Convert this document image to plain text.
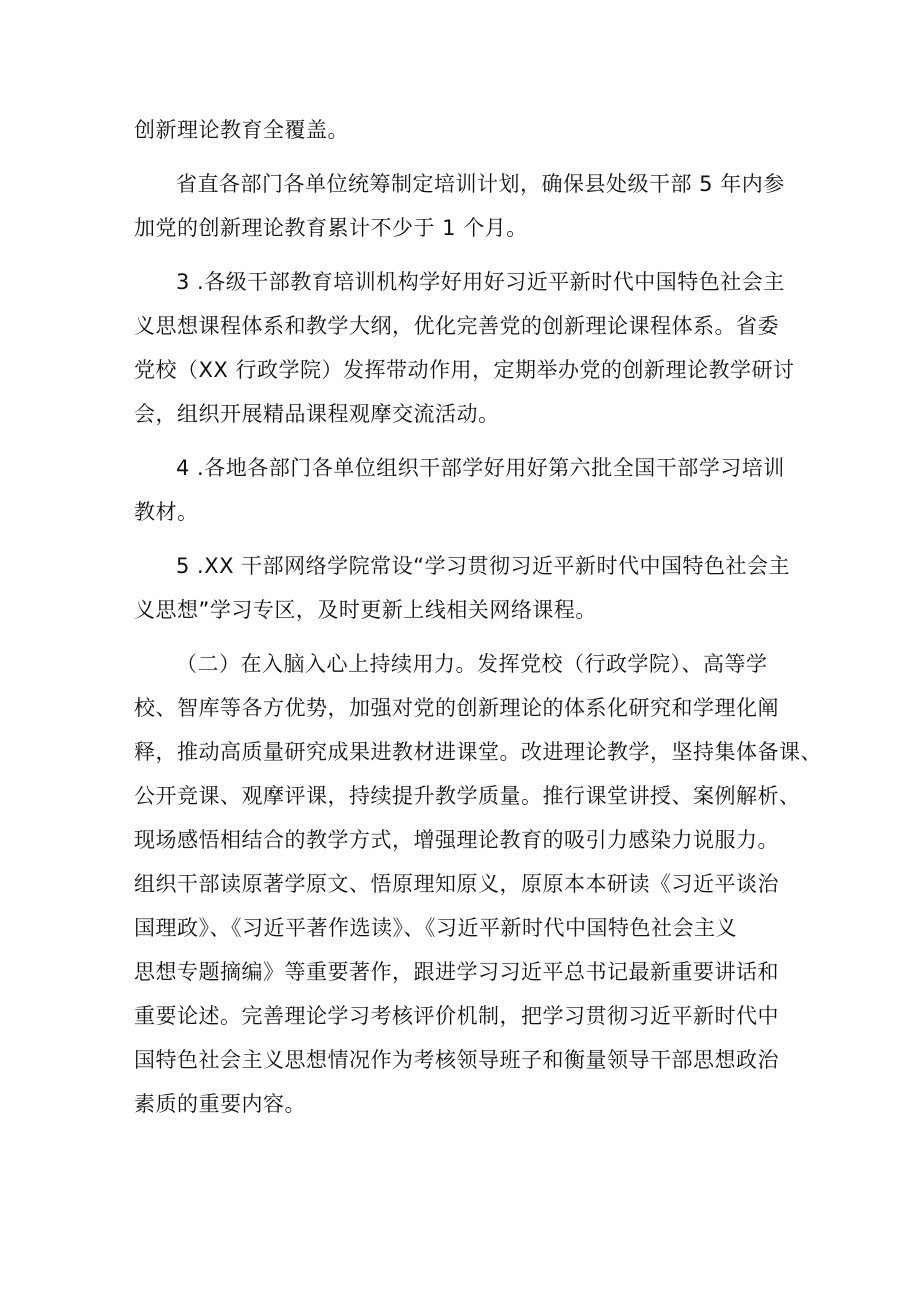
创新理论教育全覆盖。
省直各部门各单位统筹制定培训计划，确保县处级干部 5 年内参
加党的创新理论教育累计不少于 1 个月。
3 .各级干部教育培训机构学好用好习近平新时代中国特色社会主
义思想课程体系和教学大纲，优化完善党的创新理论课程体系。省委
党校（XX 行政学院）发挥带动作用，定期举办党的创新理论教学研讨
会，组织开展精品课程观摩交流活动。
4 .各地各部门各单位组织干部学好用好第六批全国干部学习培训
教材。
5 .XX 干部网络学院常设“学习贯彻习近平新时代中国特色社会主
义思想”学习专区，及时更新上线相关网络课程。
（二）在入脑入心上持续用力。发挥党校（行政学院）、高等学
校、智库等各方优势，加强对党的创新理论的体系化研究和学理化阐
释，推动高质量研究成果进教材进课堂。改进理论教学，坚持集体备课、
公开竞课、观摩评课，持续提升教学质量。推行课堂讲授、案例解析、
现场感悟相结合的教学方式，增强理论教育的吸引力感染力说服力。
组织干部读原著学原文、悟原理知原义，原原本本研读《习近平谈治
国理政》、《习近平著作选读》、《习近平新时代中国特色社会主义
思想专题摘编》等重要著作，跟进学习习近平总书记最新重要讲话和
重要论述。完善理论学习考核评价机制，把学习贯彻习近平新时代中
国特色社会主义思想情况作为考核领导班子和衡量领导干部思想政治
素质的重要内容。
